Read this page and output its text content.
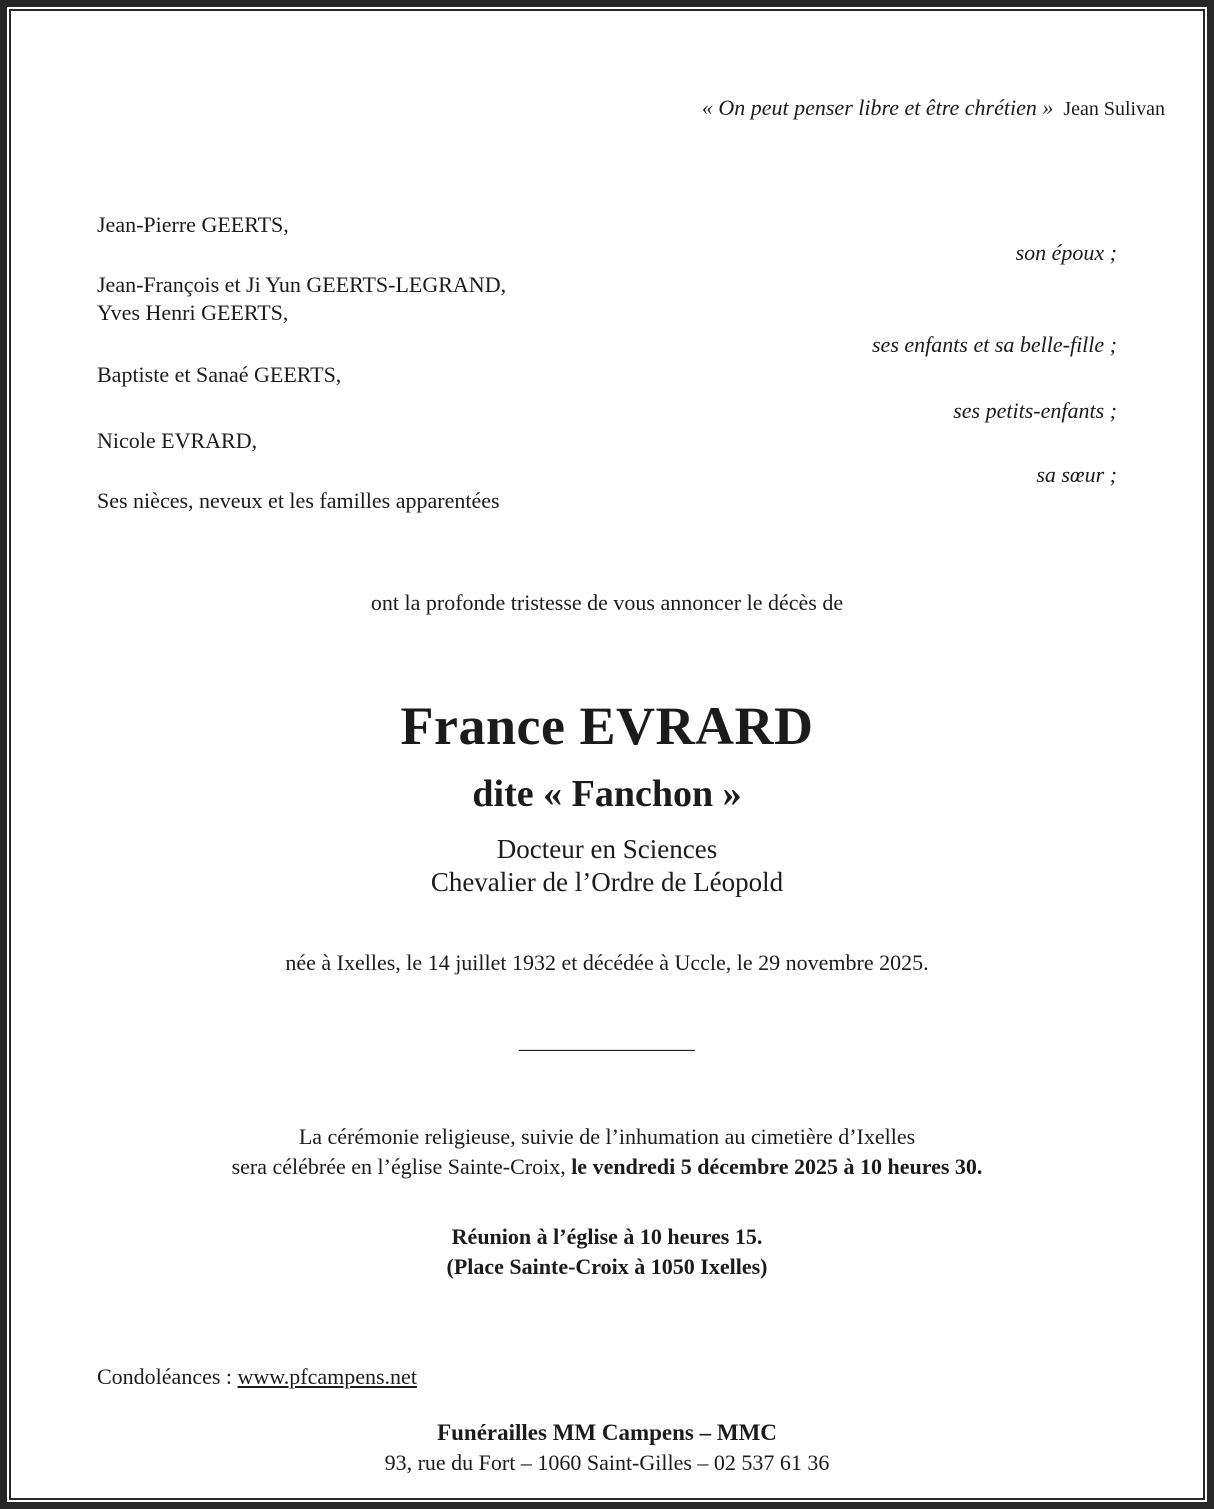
« On peut penser libre et être chrétien » Jean Sulivan
Jean-Pierre GEERTS,
son époux ;
Jean-François et Ji Yun GEERTS-LEGRAND,
Yves Henri GEERTS,
ses enfants et sa belle-fille ;
Baptiste et Sanaé GEERTS,
ses petits-enfants ;
Nicole EVRARD,
sa sœur ;
Ses nièces, neveux et les familles apparentées
ont la profonde tristesse de vous annoncer le décès de
France EVRARD
dite « Fanchon »
Docteur en Sciences
Chevalier de l’Ordre de Léopold
née à Ixelles, le 14 juillet 1932 et décédée à Uccle, le 29 novembre 2025.
________________
La cérémonie religieuse, suivie de l’inhumation au cimetière d’Ixelles
sera célébrée en l’église Sainte-Croix, le vendredi 5 décembre 2025 à 10 heures 30.
Réunion à l’église à 10 heures 15.
(Place Sainte-Croix à 1050 Ixelles)
Condoléances : www.pfcampens.net
Funérailles MM Campens – MMC
93, rue du Fort – 1060 Saint-Gilles – 02 537 61 36
